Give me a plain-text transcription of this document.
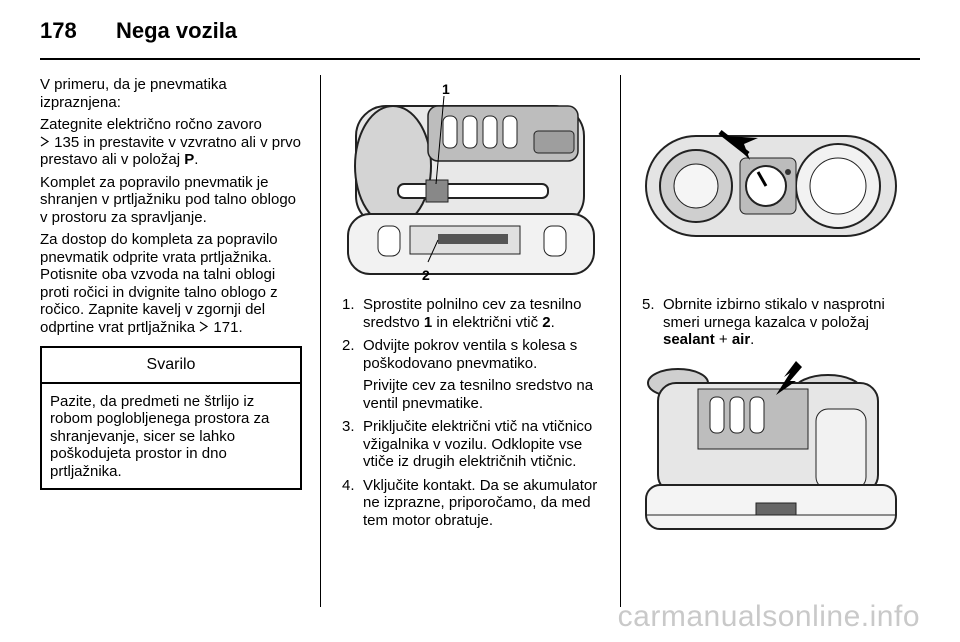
178 Nega vozila

V primeru, da je pnevmatika izpraznjena:

Zategnite električno ročno zavoro
135 in prestavite v vzvratno ali v prvo prestavo ali v položaj P.

Komplet za popravilo pnevmatik je shranjen v prtljažniku pod talno oblogo v prostoru za spravljanje.

Za dostop do kompleta za popravilo pnevmatik odprite vrata prtljažnika. Potisnite oba vzvoda na talni oblogi proti ročici in dvignite talno oblogo z ročico. Zapnite kavelj v zgornji del odprtine vrat prtljažnika  171.

Svarilo
Pazite, da predmeti ne štrlijo iz robom poglobljenega prostora za shranjevanje, sicer se lahko poškodujeta prostor in dno prtljažnika.
1
2
1. Sprostite polnilno cev za tesnilno sredstvo 1 in električni vtič 2.
2. Odvijte pokrov ventila s kolesa s poškodovano pnevmatiko.
Privijte cev za tesnilno sredstvo na ventil pnevmatike.
3. Priključite električni vtič na vtičnico vžigalnika v vozilu. Odklopite vse vtiče iz drugih električnih vtičnic.
4. Vključite kontakt. Da se akumulator ne izprazne, priporočamo, da med tem motor obratuje.
5. Obrnite izbirno stikalo v nasprotni smeri urnega kazalca v položaj sealant + air.
carmanualsonline.info
